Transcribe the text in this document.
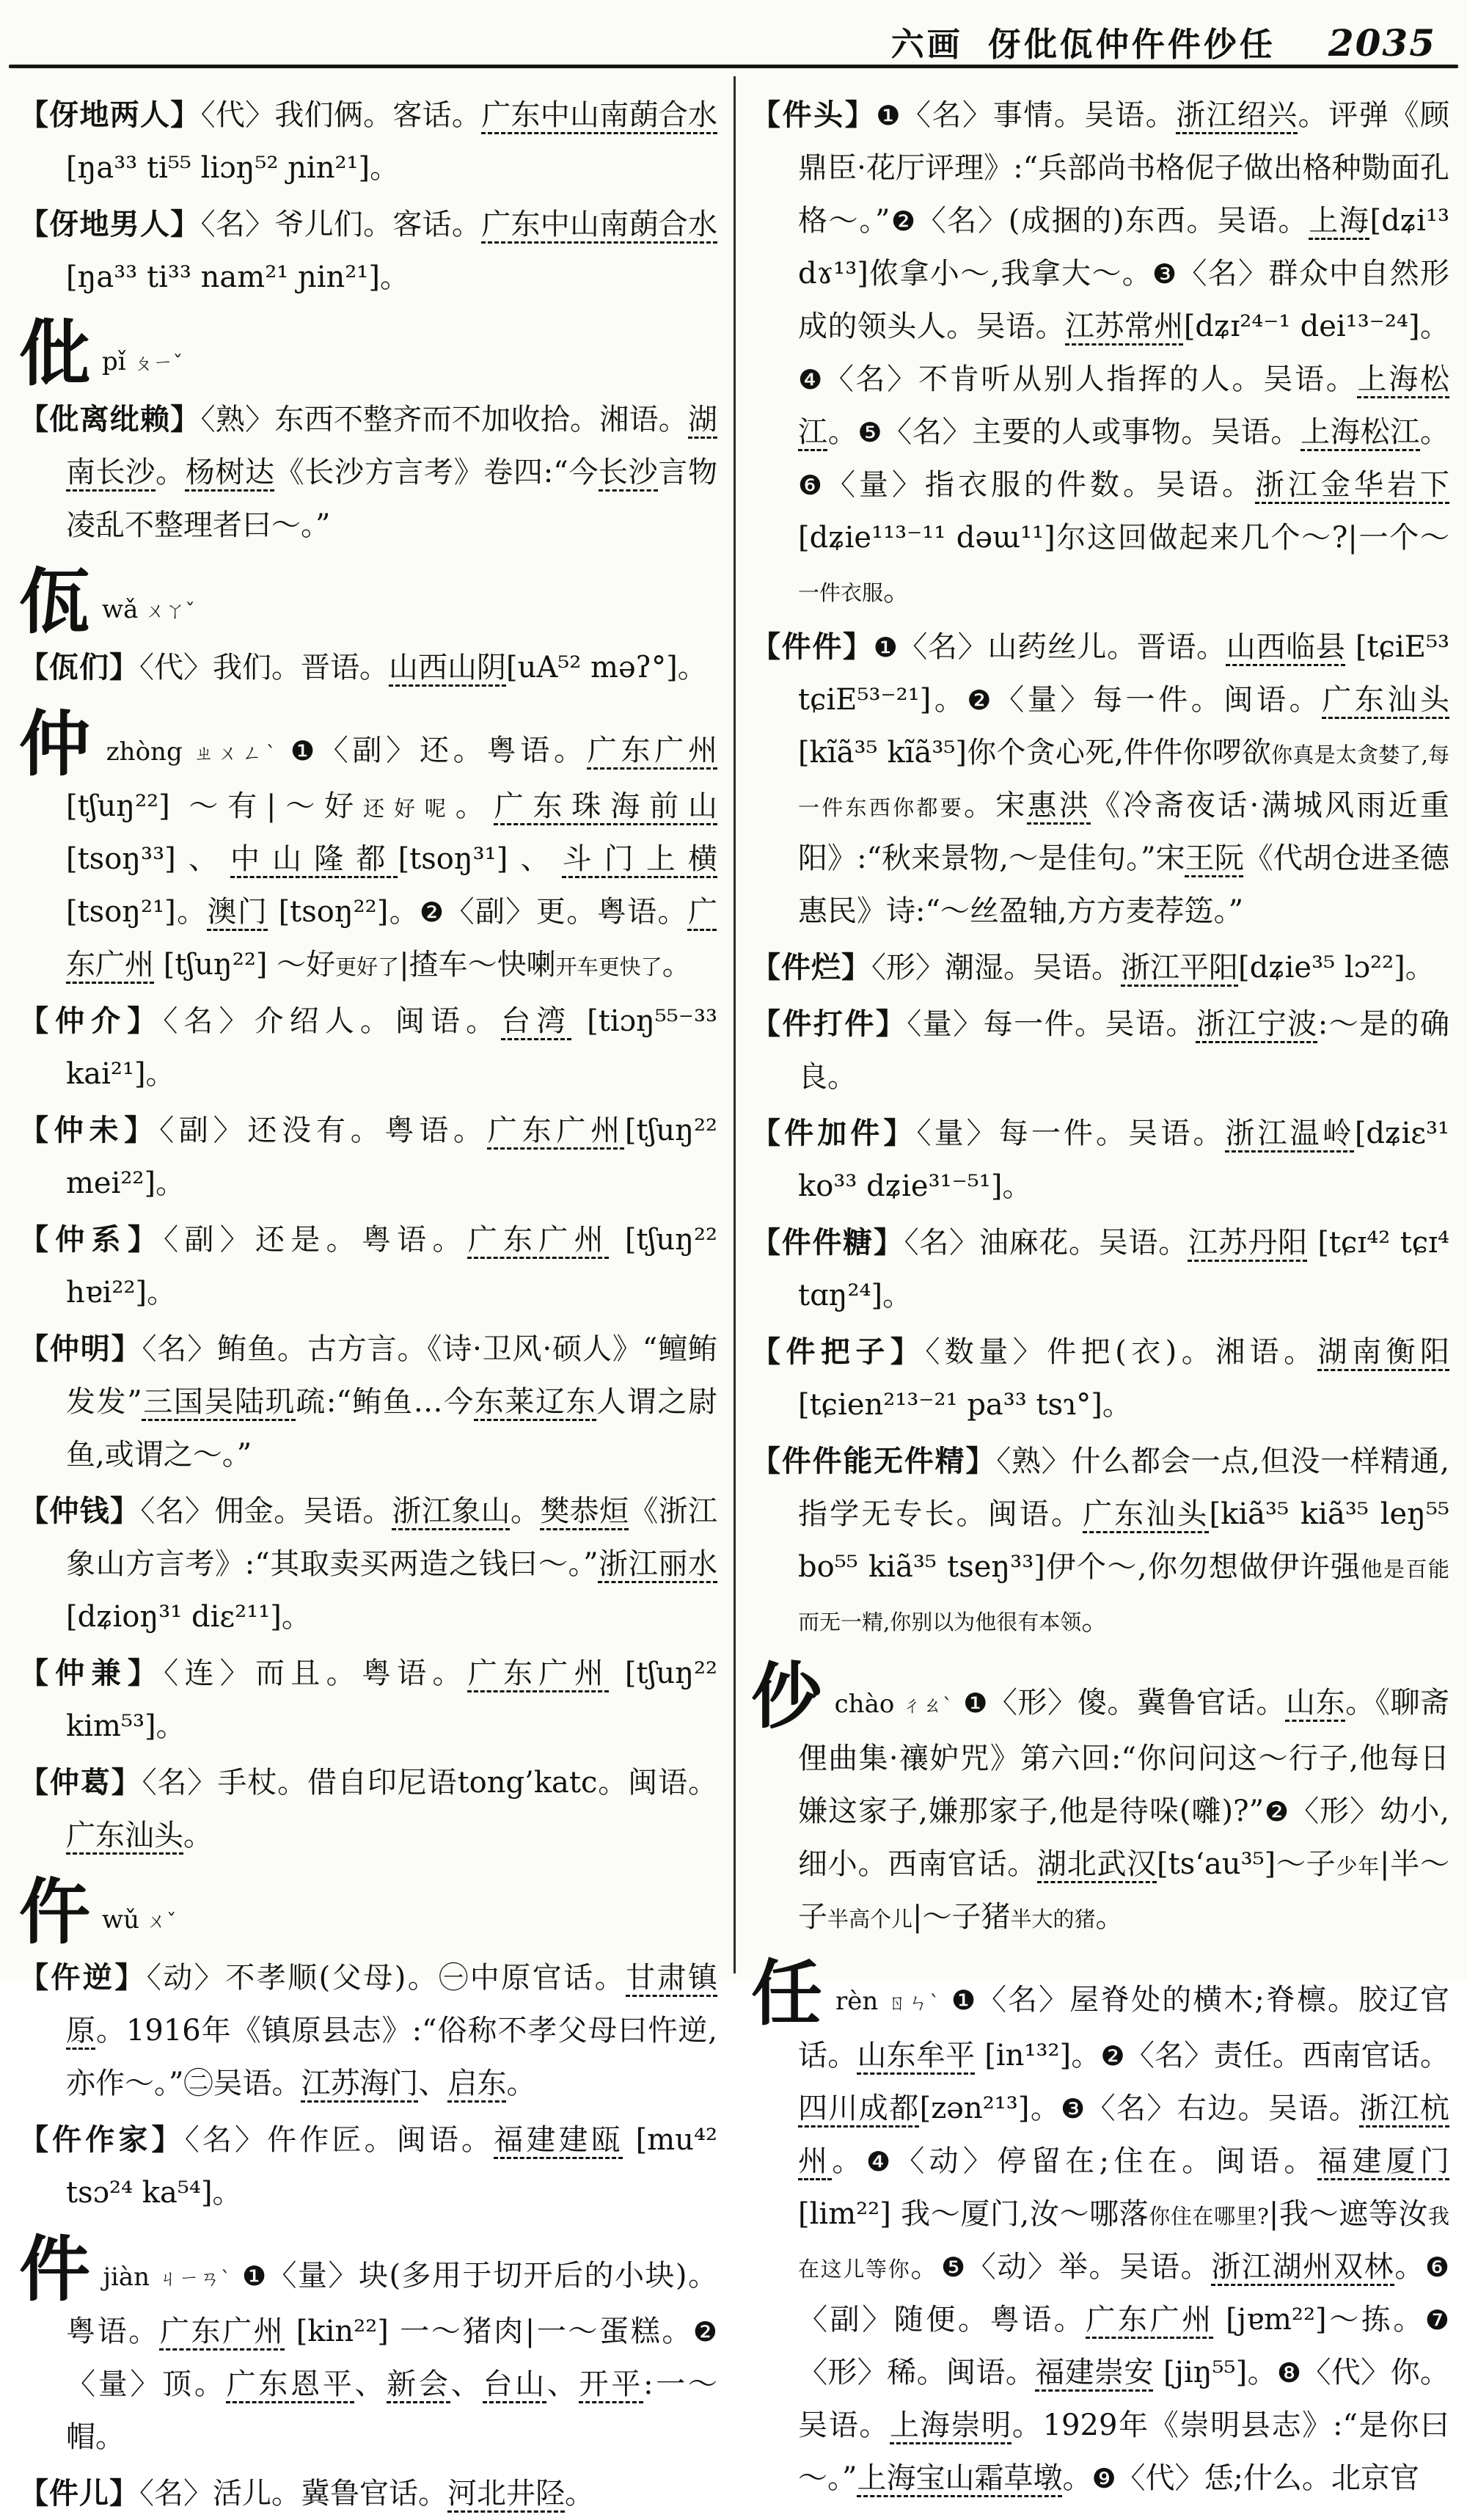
六画 伢仳佤仲仵件仯任 2035

【伢地两人】〈代〉我们俩。客话。广东中山南蓢合水[ŋa³³ ti⁵⁵ liɔŋ⁵² ɲin²¹]。

【伢地男人】〈名〉爷儿们。客话。广东中山南蓢合水[ŋa³³ ti³³ nam²¹ ɲin²¹]。

仳pǐ ㄆㄧˇ

【仳离纰赖】〈熟〉东西不整齐而不加收拾。湘语。湖南长沙。杨树达《长沙方言考》卷四:“今长沙言物凌乱不整理者曰～。”

佤wǎ ㄨㄚˇ

【佤们】〈代〉我们。晋语。山西山阴[uA⁵² məʔ°]。

仲zhòng ㄓㄨㄥˋ ❶〈副〉还。粤语。广东广州 [tʃuŋ²²] ～有|～好还好呢。广东珠海前山 [tsoŋ³³]、中山隆都[tsoŋ³¹]、斗门上横[tsoŋ²¹]。澳门 [tsoŋ²²]。❷〈副〉更。粤语。广东广州 [tʃuŋ²²] ～好更好了|揸车～快喇开车更快了。

【仲介】〈名〉介绍人。闽语。台湾 [tiɔŋ⁵⁵⁻³³ kai²¹]。

【仲未】〈副〉还没有。粤语。广东广州[tʃuŋ²² mei²²]。

【仲系】〈副〉还是。粤语。广东广州 [tʃuŋ²² hɐi²²]。

【仲明】〈名〉鲔鱼。古方言。《诗·卫风·硕人》“鳣鲔发发”三国吴陆玑疏:“鲔鱼…今东莱辽东人谓之尉鱼,或谓之～。”

【仲钱】〈名〉佣金。吴语。浙江象山。樊恭烜《浙江象山方言考》:“其取卖买两造之钱曰～。”浙江丽水[dʑioŋ³¹ diɛ²¹¹]。

【仲兼】〈连〉而且。粤语。广东广州 [tʃuŋ²² kim⁵³]。

【仲葛】〈名〉手杖。借自印尼语tong’katc。闽语。广东汕头。

仵wǔ ㄨˇ

【仵逆】〈动〉不孝顺(父母)。㊀中原官话。甘肃镇原。1916年《镇原县志》:“俗称不孝父母曰忤逆,亦作～。”㊁吴语。江苏海门、启东。

【仵作家】〈名〉仵作匠。闽语。福建建瓯 [mu⁴² tsɔ²⁴ ka⁵⁴]。

件jiàn ㄐㄧㄢˋ ❶〈量〉块(多用于切开后的小块)。粤语。广东广州 [kin²²] 一～猪肉|一～蛋糕。❷〈量〉顶。广东恩平、新会、台山、开平:一～帽。

【件儿】〈名〉活儿。冀鲁官话。河北井陉。

【件头】❶〈名〉事情。吴语。浙江绍兴。评弹《顾鼎臣·花厅评理》:“兵部尚书格伲子做出格种勚面孔格～。”❷〈名〉(成捆的)东西。吴语。上海[dʑi¹³ dɤ¹³]侬拿小～,我拿大～。❸〈名〉群众中自然形成的领头人。吴语。江苏常州[dʑɪ²⁴⁻¹ dei¹³⁻²⁴]。❹〈名〉不肯听从别人指挥的人。吴语。上海松江。❺〈名〉主要的人或事物。吴语。上海松江。❻〈量〉指衣服的件数。吴语。浙江金华岩下[dʑie¹¹³⁻¹¹ dəɯ¹¹]尔这回做起来几个～?|一个～一件衣服。

【件件】❶〈名〉山药丝儿。晋语。山西临县 [tɕiE⁵³ tɕiE⁵³⁻²¹]。❷〈量〉每一件。闽语。广东汕头 [kĩã³⁵ kĩã³⁵]你个贪心死,件件你啰欲你真是太贪婪了,每一件东西你都要。宋惠洪《冷斋夜话·满城风雨近重阳》:“秋来景物,～是佳句。”宋王阮《代胡仓进圣德惠民》诗:“～丝盈轴,方方麦荐笾。”

【件烂】〈形〉潮湿。吴语。浙江平阳[dʑie³⁵ lɔ²²]。

【件打件】〈量〉每一件。吴语。浙江宁波:～是的确良。

【件加件】〈量〉每一件。吴语。浙江温岭[dʑiɛ³¹ ko³³ dʑie³¹⁻⁵¹]。

【件件糖】〈名〉油麻花。吴语。江苏丹阳 [tɕɪ⁴² tɕɪ⁴ tɑŋ²⁴]。

【件把子】〈数量〉件把(衣)。湘语。湖南衡阳 [tɕien²¹³⁻²¹ pa³³ tsɿ°]。

【件件能无件精】〈熟〉什么都会一点,但没一样精通,指学无专长。闽语。广东汕头[kiã³⁵ kiã³⁵ leŋ⁵⁵ bo⁵⁵ kiã³⁵ tseŋ³³]伊个～,你勿想做伊许强他是百能而无一精,你别以为他很有本领。

仯chào ㄔㄠˋ ❶〈形〉傻。冀鲁官话。山东。《聊斋俚曲集·禳妒咒》第六回:“你问问这～行子,他每日嫌这家子,嫌那家子,他是待哚(囃)?”❷〈形〉幼小,细小。西南官话。湖北武汉[ts‘au³⁵]～子少年|半～子半高个儿|～子猪半大的猪。

任rèn ㄖㄣˋ ❶〈名〉屋脊处的横木;脊檩。胶辽官话。山东牟平 [in¹³²]。❷〈名〉责任。西南官话。四川成都[zən²¹³]。❸〈名〉右边。吴语。浙江杭州。❹〈动〉停留在;住在。闽语。福建厦门 [lim²²] 我～厦门,汝～哪落你住在哪里?|我～遮等汝我在这儿等你。❺〈动〉举。吴语。浙江湖州双林。❻〈副〉随便。粤语。广东广州 [jɐm²²]～拣。❼〈形〉稀。闽语。福建崇安 [jiŋ⁵⁵]。❽〈代〉你。吴语。上海崇明。1929年《崇明县志》:“是你曰～。”上海宝山霜草墩。❾〈代〉恁;什么。北京官
